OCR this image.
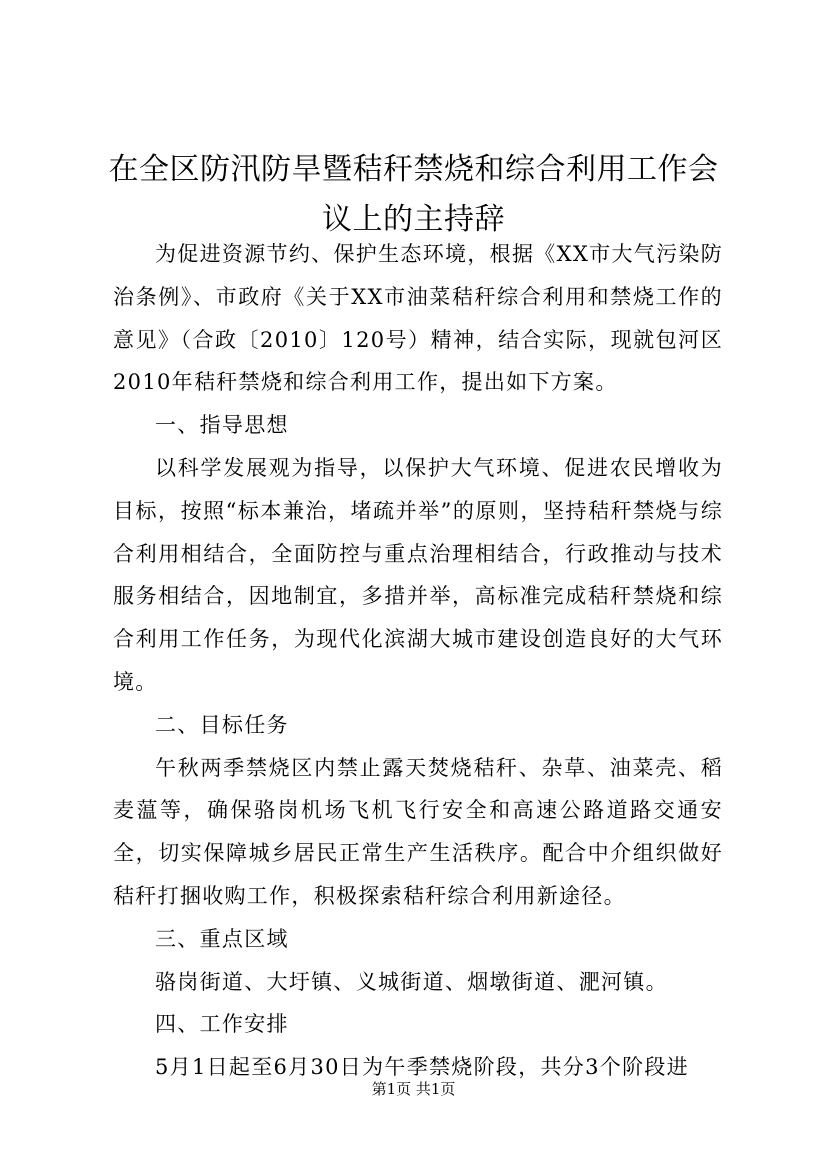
在全区防汛防旱暨秸秆禁烧和综合利用工作会议上的主持辞

为促进资源节约、保护生态环境，根据《XX市大气污染防治条例》、市政府《关于XX市油菜秸秆综合利用和禁烧工作的意见》（合政〔2010〕120号）精神，结合实际，现就包河区2010年秸秆禁烧和综合利用工作，提出如下方案。

一、指导思想

以科学发展观为指导，以保护大气环境、促进农民增收为目标，按照“标本兼治，堵疏并举”的原则，坚持秸秆禁烧与综合利用相结合，全面防控与重点治理相结合，行政推动与技术服务相结合，因地制宜，多措并举，高标准完成秸秆禁烧和综合利用工作任务，为现代化滨湖大城市建设创造良好的大气环境。

二、目标任务

午秋两季禁烧区内禁止露天焚烧秸秆、杂草、油菜壳、稻麦蕰等，确保骆岗机场飞机飞行安全和高速公路道路交通安全，切实保障城乡居民正常生产生活秩序。配合中介组织做好秸秆打捆收购工作，积极探索秸秆综合利用新途径。

三、重点区域

骆岗街道、大圩镇、义城街道、烟墩街道、淝河镇。

四、工作安排

5月1日起至6月30日为午季禁烧阶段，共分3个阶段进

第1页 共1页
